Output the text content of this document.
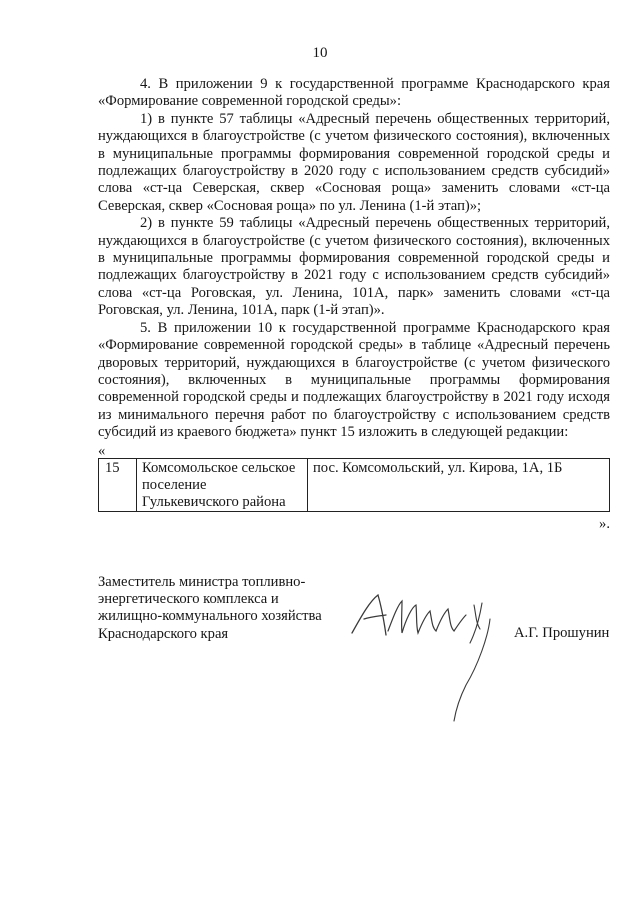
10

4. В приложении 9 к государственной программе Краснодарского края «Формирование современной городской среды»:

1) в пункте 57 таблицы «Адресный перечень общественных территорий, нуждающихся в благоустройстве (с учетом физического состояния), включенных в муниципальные программы формирования современной городской среды и подлежащих благоустройству в 2020 году с использованием средств субсидий» слова «ст-ца Северская, сквер «Сосновая роща» заменить словами «ст-ца Северская, сквер «Сосновая роща» по ул. Ленина (1-й этап)»;

2) в пункте 59 таблицы «Адресный перечень общественных территорий, нуждающихся в благоустройстве (с учетом физического состояния), включенных в муниципальные программы формирования современной городской среды и подлежащих благоустройству в 2021 году с использованием средств субсидий» слова «ст-ца Роговская, ул. Ленина, 101А, парк» заменить словами «ст-ца Роговская, ул. Ленина, 101А, парк (1-й этап)».

5. В приложении 10 к государственной программе Краснодарского края «Формирование современной городской среды» в таблице «Адресный перечень дворовых территорий, нуждающихся в благоустройстве (с учетом физического состояния), включенных в муниципальные программы формирования современной городской среды и подлежащих благоустройству в 2021 году исходя из минимального перечня работ по благоустройству с использованием средств субсидий из краевого бюджета» пункт 15 изложить в следующей редакции:

«
15	Комсомольское сельское поселение Гулькевичского района	пос. Комсомольский, ул. Кирова, 1А, 1Б
».
Заместитель министра топливно-
энергетического комплекса и
жилищно-коммунального хозяйства
Краснодарского края	А.Г. Прошунин
